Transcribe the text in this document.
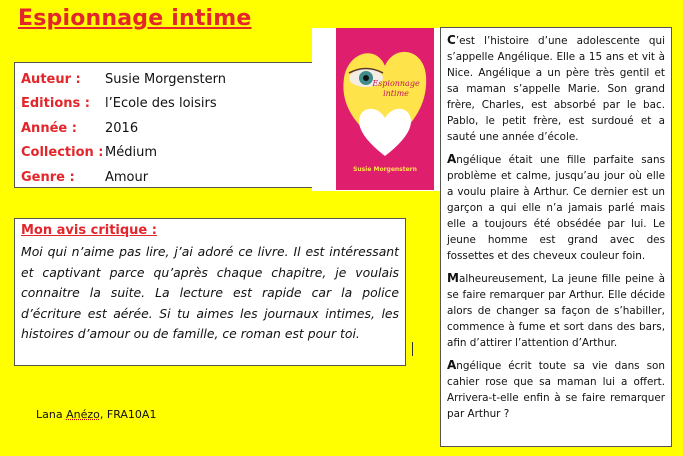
Espionnage intime
Auteur :	Susie Morgenstern
Editions :	l’Ecole des loisirs
Année :	2016
Collection : Médium
Genre :	Amour
Espionnage
intime
Susie Morgenstern
Mon avis critique :
Moi qui n’aime pas lire, j’ai adoré ce livre. Il est intéressant et captivant parce qu’après chaque chapitre, je voulais connaitre la suite. La lecture est rapide car la police d’écriture est aérée. Si tu aimes les journaux intimes, les histoires d’amour ou de famille, ce roman est pour toi.
Lana Anézo, FRA10A1

C’est l’histoire d’une adolescente qui s’appelle Angélique. Elle a 15 ans et vit à Nice. Angélique a un père très gentil et sa maman s’appelle Marie. Son grand frère, Charles, est absorbé par le bac. Pablo, le petit frère, est surdoué et a sauté une année d’école.

Angélique était une fille parfaite sans problème et calme, jusqu’au jour où elle a voulu plaire à Arthur. Ce dernier est un garçon a qui elle n’a jamais parlé mais elle a toujours été obsédée par lui. Le jeune homme est grand avec des fossettes et des cheveux couleur foin.

Malheureusement, La jeune fille peine à se faire remarquer par Arthur. Elle décide alors de changer sa façon de s’habiller, commence à fume et sort dans des bars, afin d’attirer l’attention d’Arthur.

Angélique écrit toute sa vie dans son cahier rose que sa maman lui a offert. Arrivera-t-elle enfin à se faire remarquer par Arthur ?
